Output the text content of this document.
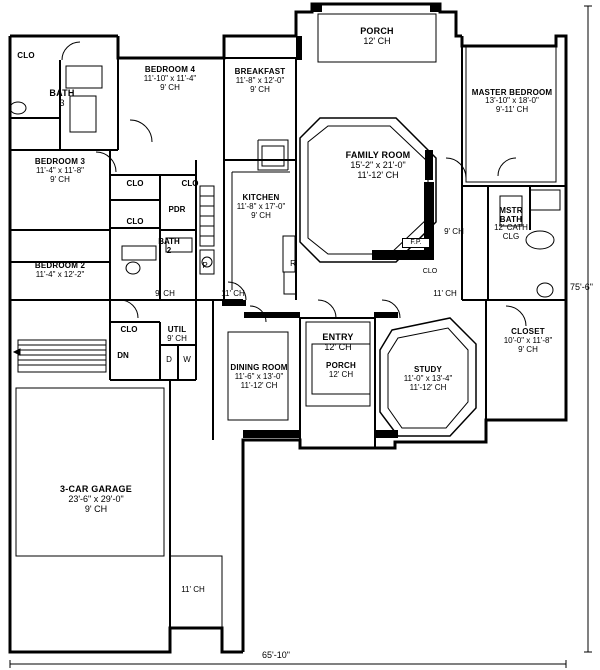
PORCH
12' CH
BREAKFAST
11'-8" x 12'-0"
9' CH
BEDROOM 4
11'-10" x 11'-4"
9' CH
BATH
3
CLO
BEDROOM 3
11'-4" x 11'-8"
9' CH
BEDROOM 2
11'-4" x 12'-2"
CLO
CLO
CLO
PDR
BATH
2
KITCHEN
11'-8" x 17'-0"
9' CH
FAMILY ROOM
15'-2" x 21'-0"
11'-12' CH
MASTER BEDROOM
13'-10" x 18'-0"
9'-11' CH
MSTR BATH
12' CATH CLG
CLOSET
10'-0" x 11'-8"
9' CH
ENTRY
12' CH
DINING ROOM
11'-6" x 13'-0"
11'-12' CH
PORCH
12' CH
STUDY
11'-0" x 13'-4"
11'-12' CH
UTIL
9' CH
CLO
3-CAR GARAGE
23'-6" x 29'-0"
9' CH
F.P.
CLO
9' CH
9' CH	11' CH	11' CH
11' CH
DN	D	W
P	R
75'-6"
65'-10"
